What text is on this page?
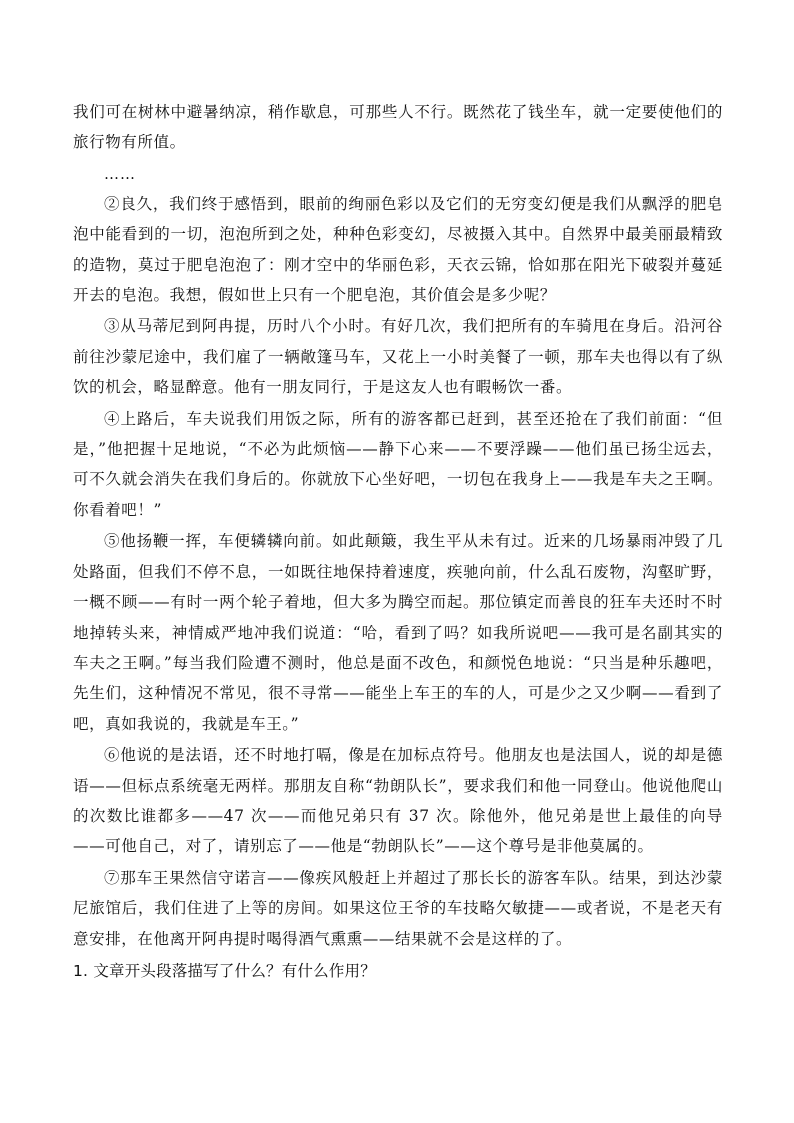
我们可在树林中避暑纳凉，稍作歇息，可那些人不行。既然花了钱坐车，就一定要使他们的旅行物有所值。

……

②良久，我们终于感悟到，眼前的绚丽色彩以及它们的无穷变幻便是我们从飘浮的肥皂泡中能看到的一切，泡泡所到之处，种种色彩变幻，尽被摄入其中。自然界中最美丽最精致的造物，莫过于肥皂泡泡了：刚才空中的华丽色彩，天衣云锦，恰如那在阳光下破裂并蔓延开去的皂泡。我想，假如世上只有一个肥皂泡，其价值会是多少呢？

③从马蒂尼到阿冉提，历时八个小时。有好几次，我们把所有的车骑甩在身后。沿河谷前往沙蒙尼途中，我们雇了一辆敞篷马车，又花上一小时美餐了一顿，那车夫也得以有了纵饮的机会，略显醉意。他有一朋友同行，于是这友人也有暇畅饮一番。

④上路后，车夫说我们用饭之际，所有的游客都已赶到，甚至还抢在了我们前面：“但是，”他把握十足地说，“不必为此烦恼——静下心来——不要浮躁——他们虽已扬尘远去，可不久就会消失在我们身后的。你就放下心坐好吧，一切包在我身上——我是车夫之王啊。你看着吧！”

⑤他扬鞭一挥，车便辚辚向前。如此颠簸，我生平从未有过。近来的几场暴雨冲毁了几处路面，但我们不停不息，一如既往地保持着速度，疾驰向前，什么乱石废物，沟壑旷野，一概不顾——有时一两个轮子着地，但大多为腾空而起。那位镇定而善良的狂车夫还时不时地掉转头来，神情威严地冲我们说道：“哈，看到了吗？如我所说吧——我可是名副其实的车夫之王啊。”每当我们险遭不测时，他总是面不改色，和颜悦色地说：“只当是种乐趣吧，先生们，这种情况不常见，很不寻常——能坐上车王的车的人，可是少之又少啊——看到了吧，真如我说的，我就是车王。”

⑥他说的是法语，还不时地打嗝，像是在加标点符号。他朋友也是法国人，说的却是德语——但标点系统毫无两样。那朋友自称“勃朗队长”，要求我们和他一同登山。他说他爬山的次数比谁都多——47 次——而他兄弟只有 37 次。除他外，他兄弟是世上最佳的向导——可他自己，对了，请别忘了——他是“勃朗队长”——这个尊号是非他莫属的。

⑦那车王果然信守诺言——像疾风般赶上并超过了那长长的游客车队。结果，到达沙蒙尼旅馆后，我们住进了上等的房间。如果这位王爷的车技略欠敏捷——或者说，不是老天有意安排，在他离开阿冉提时喝得酒气熏熏——结果就不会是这样的了。

1. 文章开头段落描写了什么？有什么作用？
